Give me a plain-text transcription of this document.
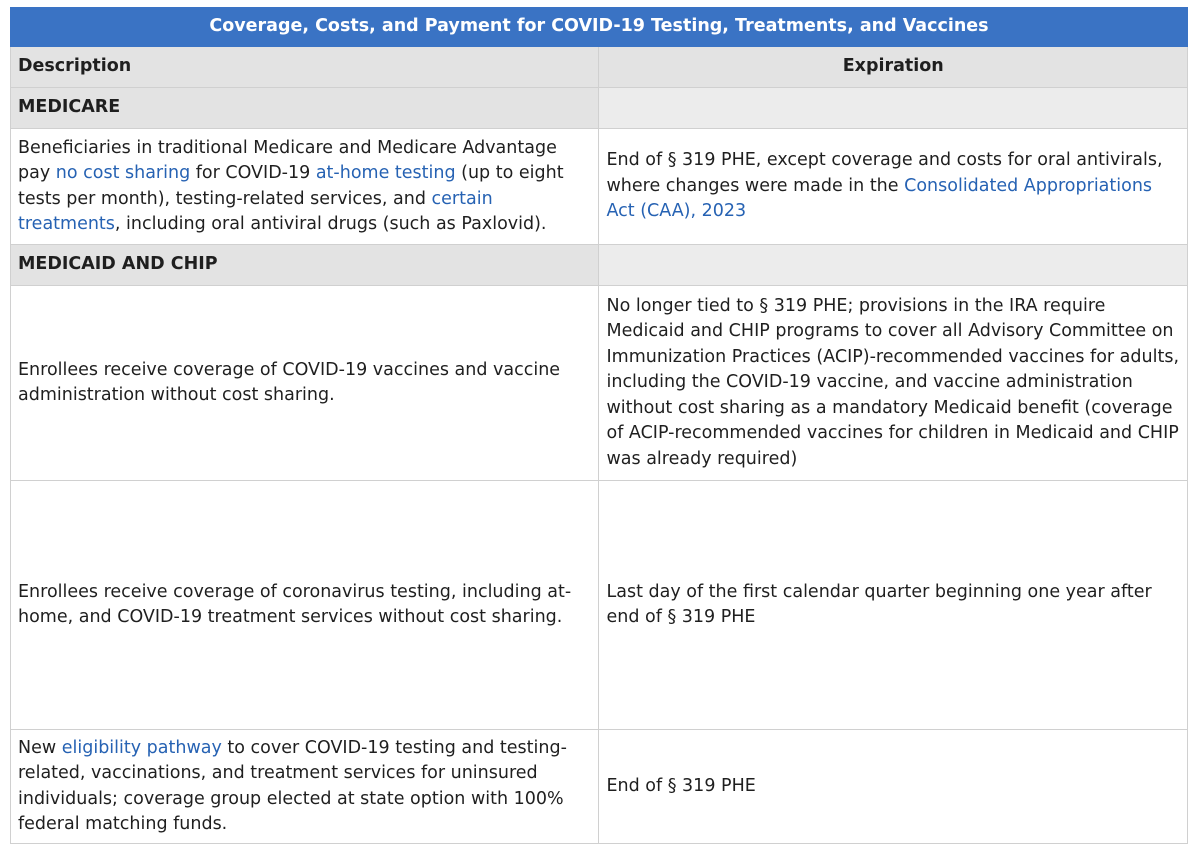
Coverage, Costs, and Payment for COVID-19 Testing, Treatments, and Vaccines	
Description	Expiration
MEDICARE	
Beneficiaries in traditional Medicare and Medicare Advantage pay no cost sharing for COVID-19 at-home testing (up to eight tests per month), testing-related services, and certain treatments, including oral antiviral drugs (such as Paxlovid).	End of § 319 PHE, except coverage and costs for oral antivirals, where changes were made in the Consolidated Appropriations Act (CAA), 2023
MEDICAID AND CHIP	
Enrollees receive coverage of COVID-19 vaccines and vaccine administration without cost sharing.	No longer tied to § 319 PHE; provisions in the IRA require Medicaid and CHIP programs to cover all Advisory Committee on Immunization Practices (ACIP)-recommended vaccines for adults, including the COVID-19 vaccine, and vaccine administration without cost sharing as a mandatory Medicaid benefit (coverage of ACIP-recommended vaccines for children in Medicaid and CHIP was already required)
Enrollees receive coverage of coronavirus testing, including at-home, and COVID-19 treatment services without cost sharing.	Last day of the first calendar quarter beginning one year after end of § 319 PHE
New eligibility pathway to cover COVID-19 testing and testing-related, vaccinations, and treatment services for uninsured individuals; coverage group elected at state option with 100% federal matching funds.	End of § 319 PHE
